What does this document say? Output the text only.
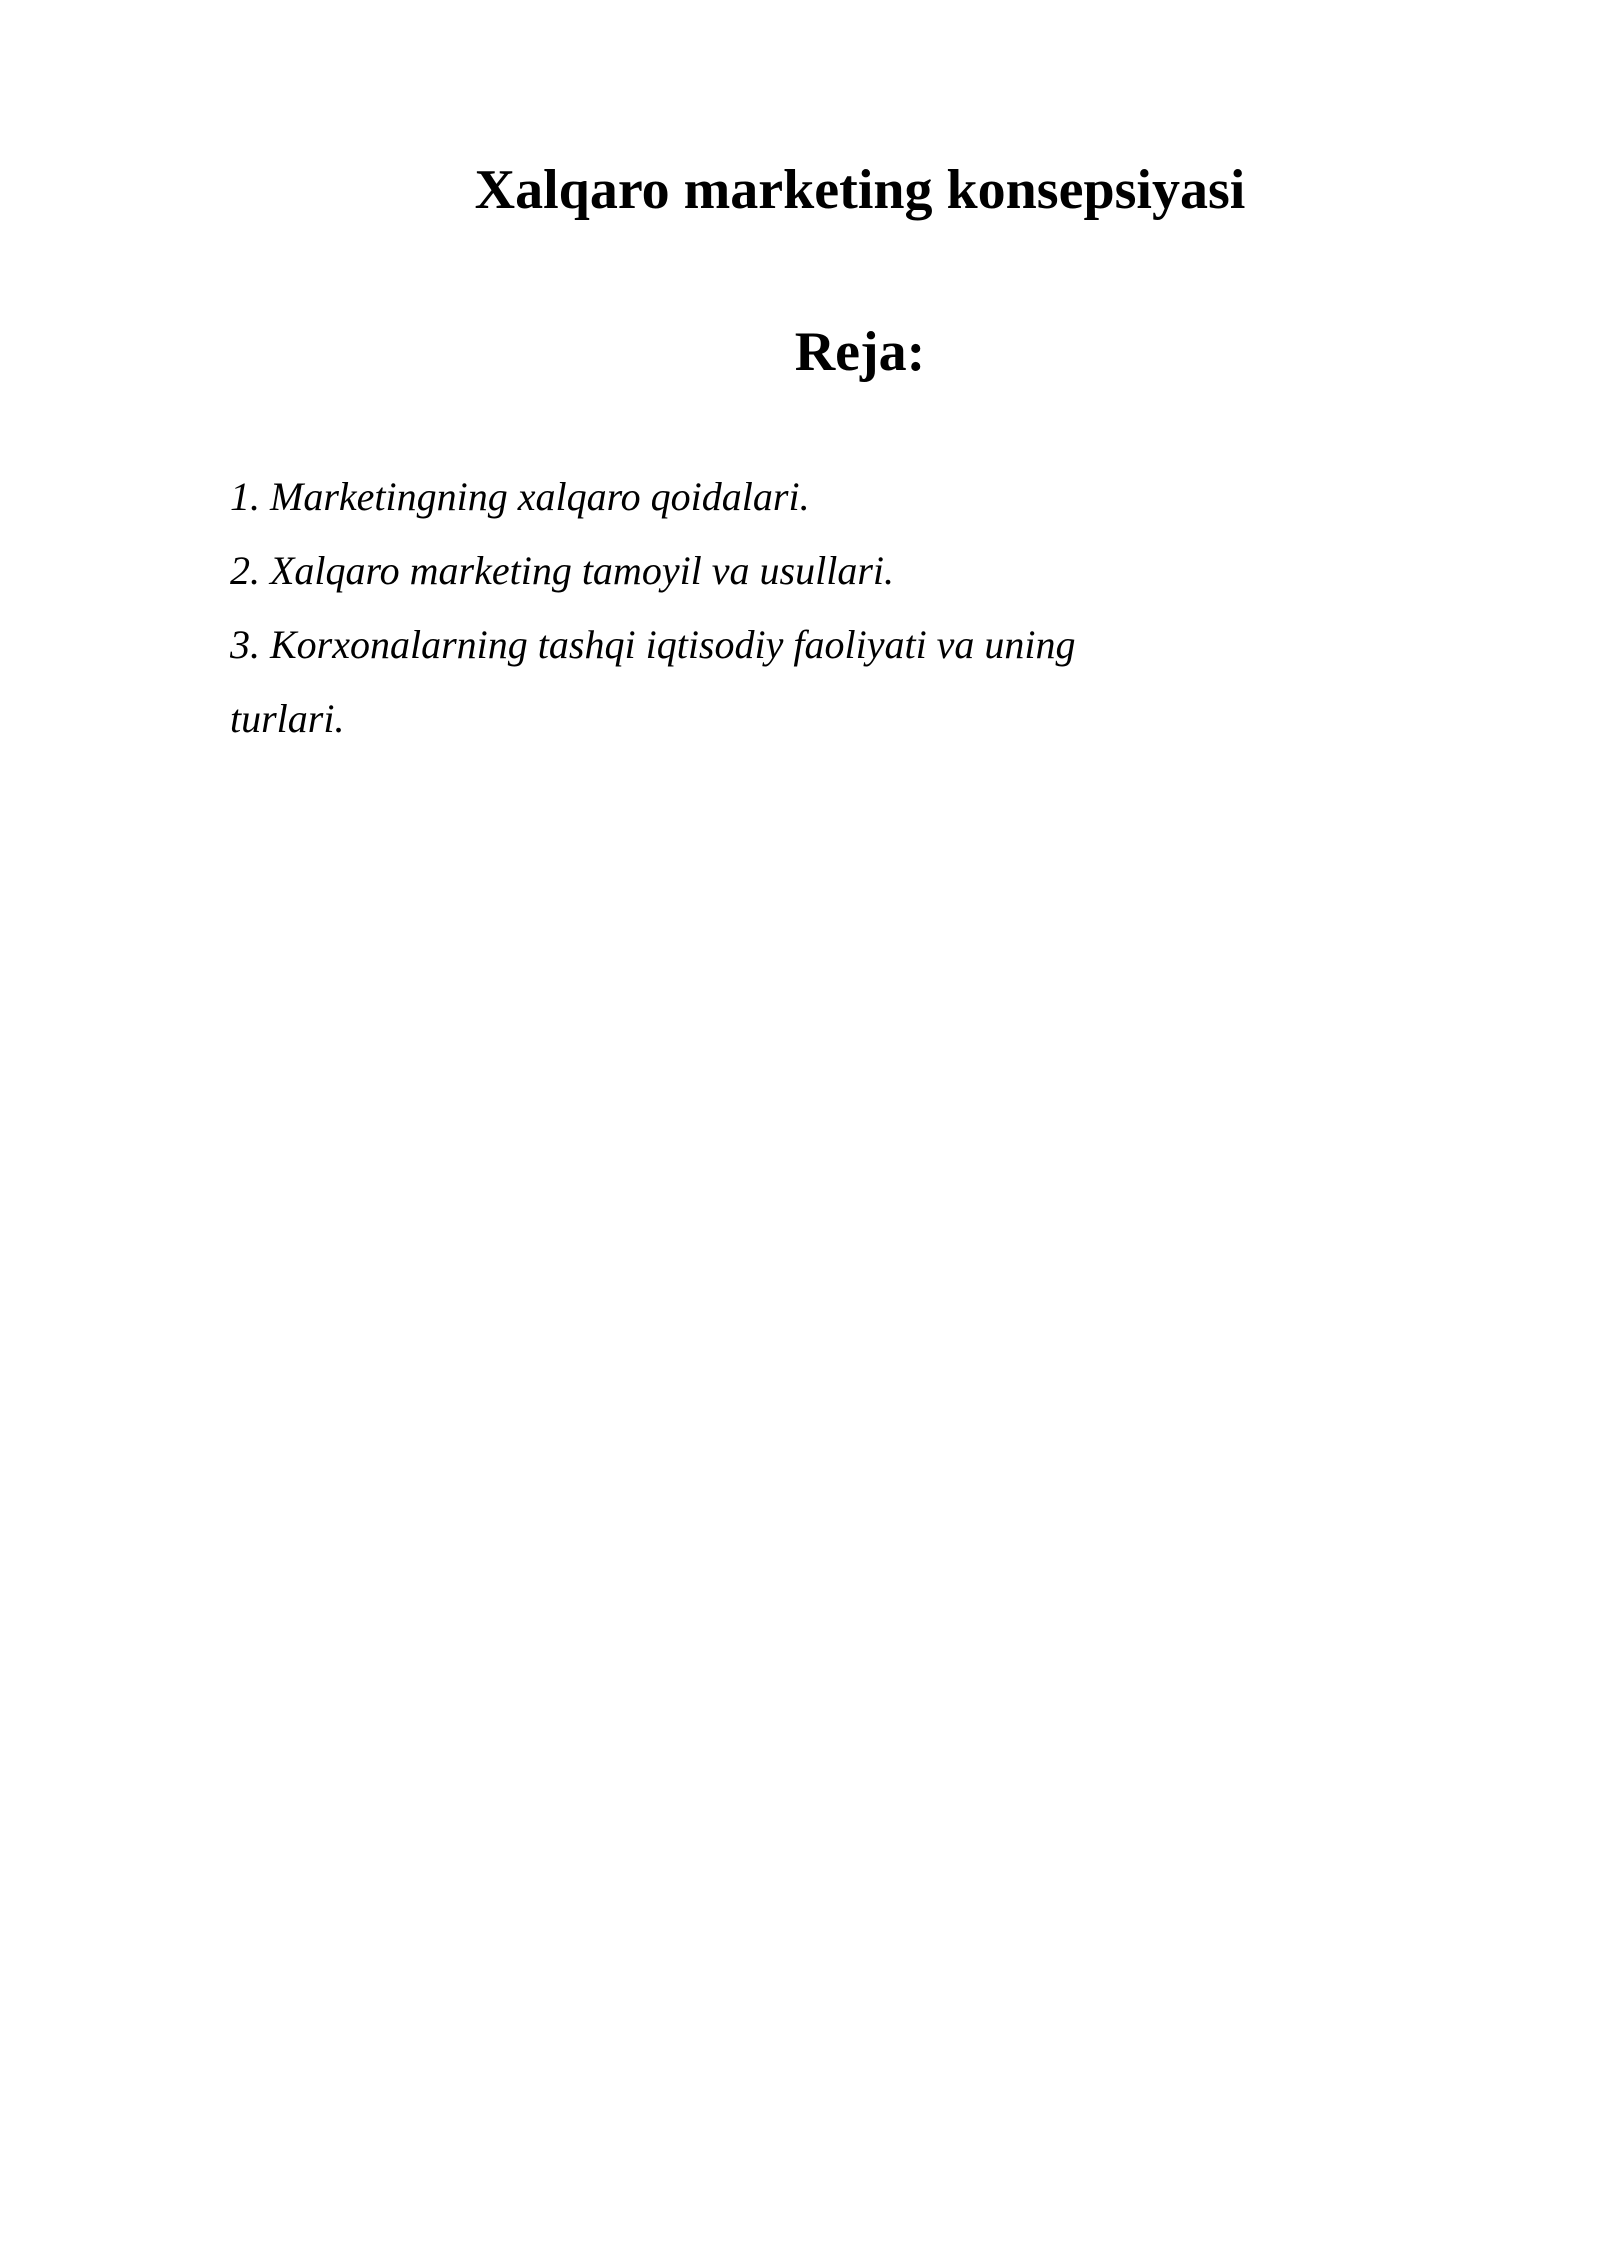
Xalqaro marketing konsepsiyasi
Reja:
1. Marketingning xalqaro qoidalari.
2. Xalqaro marketing tamoyil va usullari.
3. Korxonalarning tashqi iqtisodiy faoliyati va uning
turlari.
